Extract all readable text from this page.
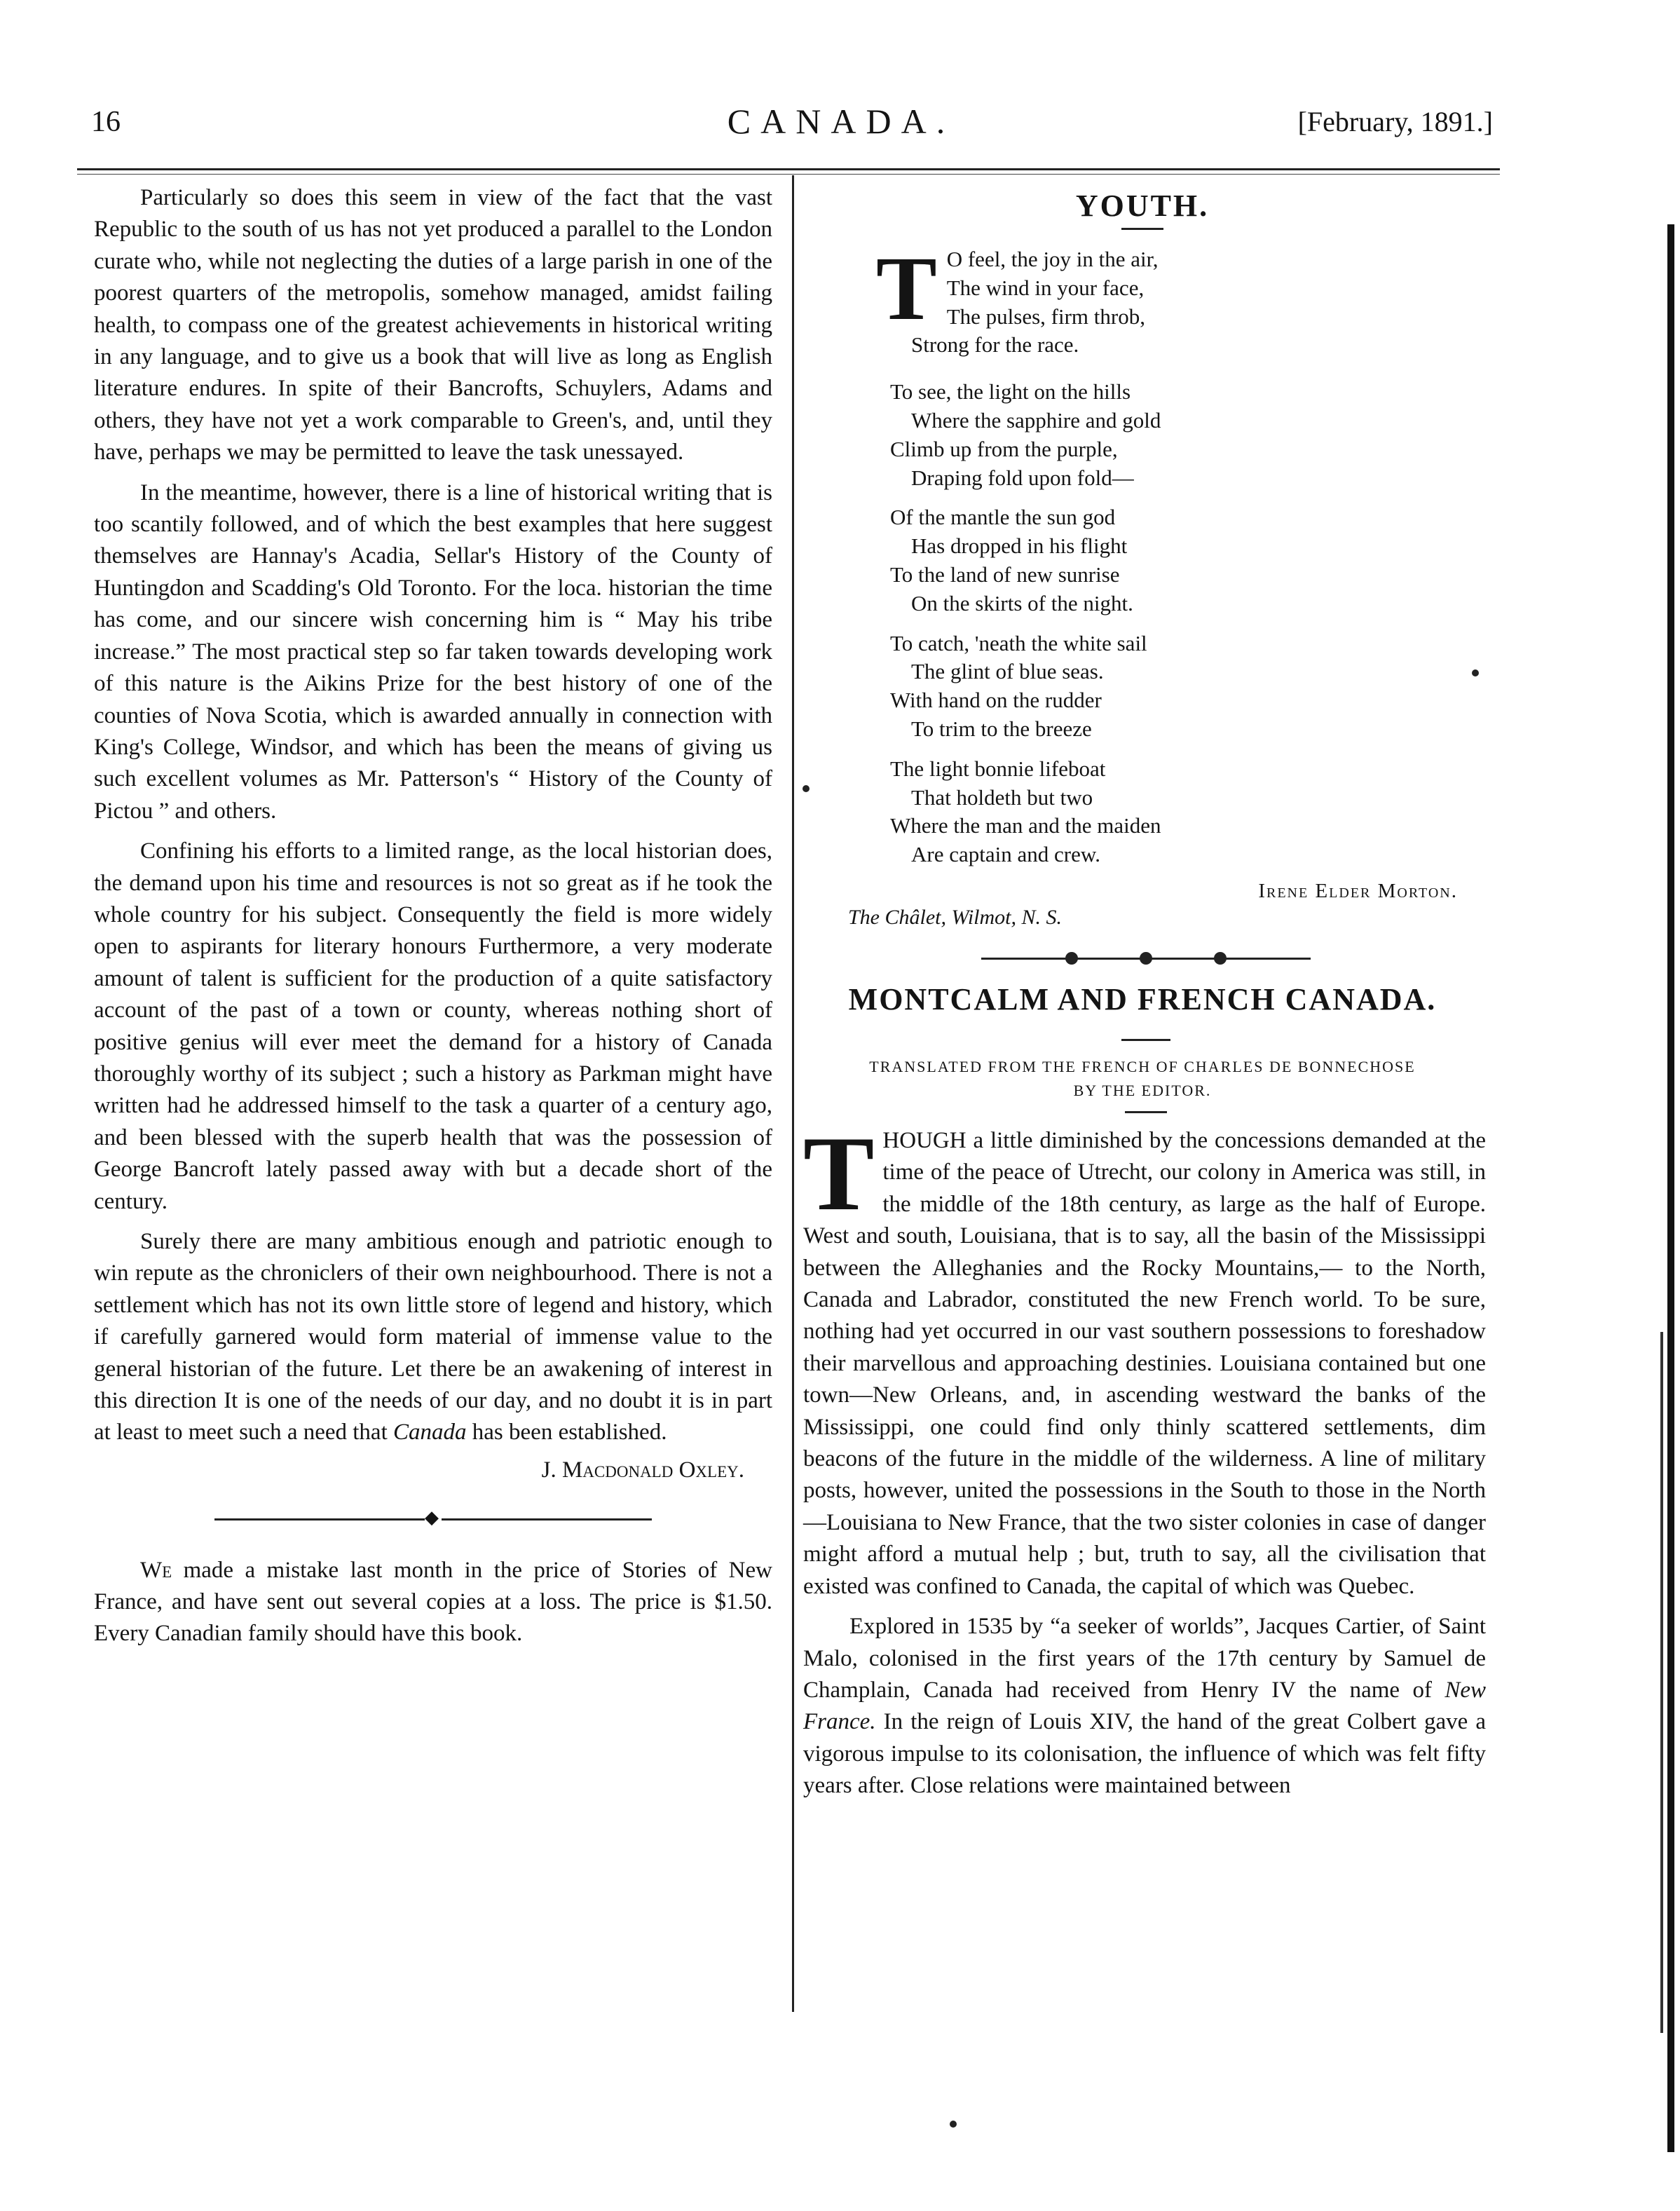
16	CANADA.	[February, 1891.]

Particularly so does this seem in view of the fact that the vast Republic to the south of us has not yet produced a parallel to the London curate who, while not neglecting the duties of a large parish in one of the poorest quarters of the metropolis, somehow managed, amidst failing health, to compass one of the greatest achievements in historical writing in any language, and to give us a book that will live as long as English literature endures. In spite of their Bancrofts, Schuylers, Adams and others, they have not yet a work comparable to Green's, and, until they have, perhaps we may be permitted to leave the task unessayed.

In the meantime, however, there is a line of historical writing that is too scantily followed, and of which the best examples that here suggest themselves are Hannay's Acadia, Sellar's History of the County of Huntingdon and Scadding's Old Toronto. For the loca. historian the time has come, and our sincere wish concerning him is “ May his tribe increase.” The most practical step so far taken towards developing work of this nature is the Aikins Prize for the best history of one of the counties of Nova Scotia, which is awarded annually in connection with King's College, Windsor, and which has been the means of giving us such excellent volumes as Mr. Patterson's “ History of the County of Pictou ” and others.

Confining his efforts to a limited range, as the local historian does, the demand upon his time and resources is not so great as if he took the whole country for his subject. Consequently the field is more widely open to aspirants for literary honours Furthermore, a very moderate amount of talent is sufficient for the production of a quite satisfactory account of the past of a town or county, whereas nothing short of positive genius will ever meet the demand for a history of Canada thoroughly worthy of its subject ; such a history as Parkman might have written had he addressed himself to the task a quarter of a century ago, and been blessed with the superb health that was the possession of George Bancroft lately passed away with but a decade short of the century.

Surely there are many ambitious enough and patriotic enough to win repute as the chroniclers of their own neighbourhood. There is not a settlement which has not its own little store of legend and history, which if carefully garnered would form material of immense value to the general historian of the future. Let there be an awakening of interest in this direction It is one of the needs of our day, and no doubt it is in part at least to meet such a need that Canada has been established.

J. Macdonald Oxley.
◆

We made a mistake last month in the price of Stories of New France, and have sent out several copies at a loss. The price is $1.50. Every Canadian family should have this book.

YOUTH.
T O feel, the joy in the air,
The wind in your face,
The pulses, firm throb,
Strong for the race.
To see, the light on the hills
Where the sapphire and gold
Climb up from the purple,
Draping fold upon fold—
Of the mantle the sun god
Has dropped in his flight
To the land of new sunrise
On the skirts of the night.
To catch, 'neath the white sail
The glint of blue seas.
With hand on the rudder
To trim to the breeze
The light bonnie lifeboat
That holdeth but two
Where the man and the maiden
Are captain and crew.
Irene Elder Morton.
The Châlet, Wilmot, N. S.
MONTCALM AND FRENCH CANADA.
TRANSLATED FROM THE FRENCH OF CHARLES DE BONNECHOSE
BY THE EDITOR.

THOUGH a little diminished by the concessions demanded at the time of the peace of Utrecht, our colony in America was still, in the middle of the 18th century, as large as the half of Europe. West and south, Louisiana, that is to say, all the basin of the Mississippi between the Alleghanies and the Rocky Mountains,— to the North, Canada and Labrador, constituted the new French world. To be sure, nothing had yet occurred in our vast southern possessions to foreshadow their marvellous and approaching destinies. Louisiana contained but one town—New Orleans, and, in ascending westward the banks of the Mississippi, one could find only thinly scattered settlements, dim beacons of the future in the middle of the wilderness. A line of military posts, however, united the possessions in the South to those in the North—Louisiana to New France, that the two sister colonies in case of danger might afford a mutual help ; but, truth to say, all the civilisation that existed was confined to Canada, the capital of which was Quebec.

Explored in 1535 by “a seeker of worlds”, Jacques Cartier, of Saint Malo, colonised in the first years of the 17th century by Samuel de Champlain, Canada had received from Henry IV the name of New France. In the reign of Louis XIV, the hand of the great Colbert gave a vigorous impulse to its colonisation, the influence of which was felt fifty years after. Close relations were maintained between
